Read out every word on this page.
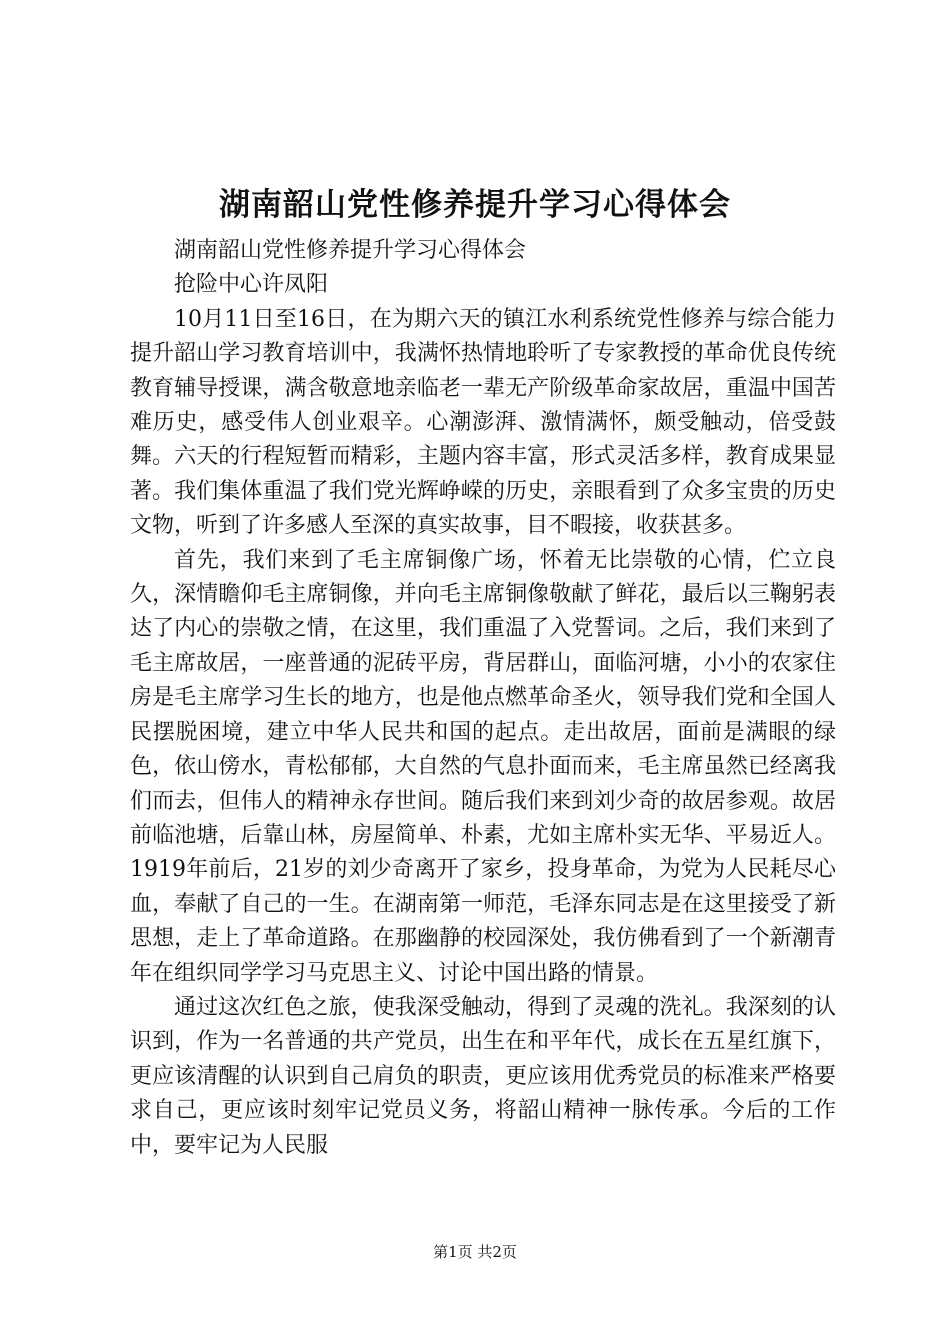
湖南韶山党性修养提升学习心得体会

湖南韶山党性修养提升学习心得体会

抢险中心许凤阳

10月11日至16日，在为期六天的镇江水利系统党性修养与综合能力提升韶山学习教育培训中，我满怀热情地聆听了专家教授的革命优良传统教育辅导授课，满含敬意地亲临老一辈无产阶级革命家故居，重温中国苦难历史，感受伟人创业艰辛。心潮澎湃、激情满怀，颇受触动，倍受鼓舞。六天的行程短暂而精彩，主题内容丰富，形式灵活多样，教育成果显著。我们集体重温了我们党光辉峥嵘的历史，亲眼看到了众多宝贵的历史文物，听到了许多感人至深的真实故事，目不暇接，收获甚多。

首先，我们来到了毛主席铜像广场，怀着无比崇敬的心情，伫立良久，深情瞻仰毛主席铜像，并向毛主席铜像敬献了鲜花，最后以三鞠躬表达了内心的崇敬之情，在这里，我们重温了入党誓词。之后，我们来到了毛主席故居，一座普通的泥砖平房，背居群山，面临河塘，小小的农家住房是毛主席学习生长的地方，也是他点燃革命圣火，领导我们党和全国人民摆脱困境，建立中华人民共和国的起点。走出故居，面前是满眼的绿色，依山傍水，青松郁郁，大自然的气息扑面而来，毛主席虽然已经离我们而去，但伟人的精神永存世间。随后我们来到刘少奇的故居参观。故居前临池塘，后靠山林，房屋简单、朴素，尤如主席朴实无华、平易近人。1919年前后，21岁的刘少奇离开了家乡，投身革命，为党为人民耗尽心血，奉献了自己的一生。在湖南第一师范，毛泽东同志是在这里接受了新思想，走上了革命道路。在那幽静的校园深处，我仿佛看到了一个新潮青年在组织同学学习马克思主义、讨论中国出路的情景。

通过这次红色之旅，使我深受触动，得到了灵魂的洗礼。我深刻的认识到，作为一名普通的共产党员，出生在和平年代，成长在五星红旗下，更应该清醒的认识到自己肩负的职责，更应该用优秀党员的标准来严格要求自己，更应该时刻牢记党员义务，将韶山精神一脉传承。今后的工作中，要牢记为人民服

第1页 共2页
